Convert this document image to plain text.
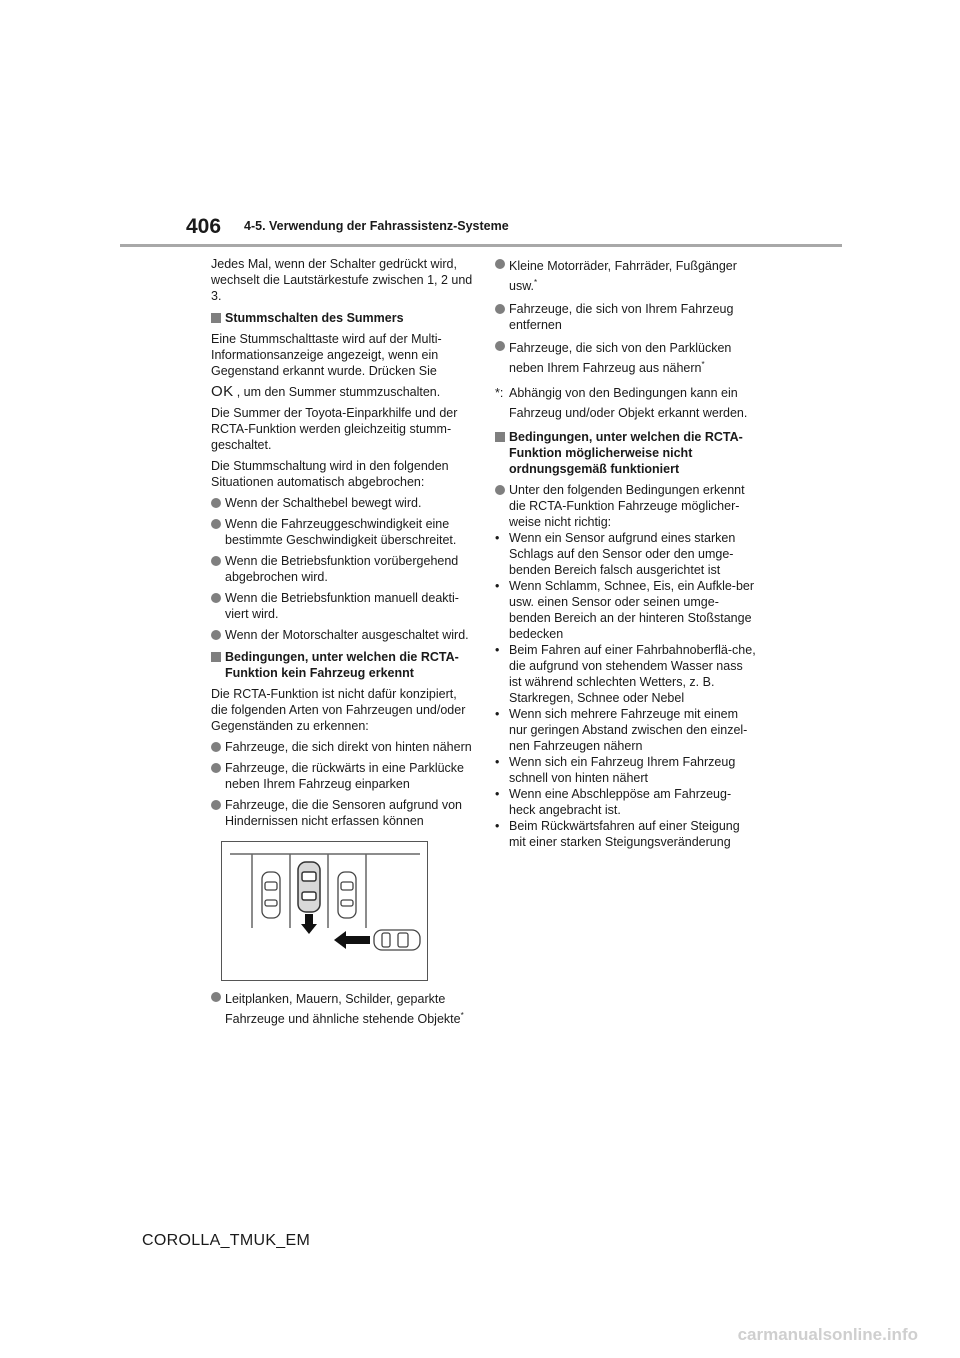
406 4-5. Verwendung der Fahrassistenz-Systeme

Jedes Mal, wenn der Schalter gedrückt wird, wechselt die Lautstärkestufe zwischen 1, 2 und 3.

Stummschalten des Summers

Eine Stummschalttaste wird auf der Multi-Informationsanzeige angezeigt, wenn ein Gegenstand erkannt wurde. Drücken Sie

OK , um den Summer stummzuschalten.

Die Summer der Toyota-Einparkhilfe und der RCTA-Funktion werden gleichzeitig stumm-geschaltet.

Die Stummschaltung wird in den folgenden Situationen automatisch abgebrochen:

Wenn der Schalthebel bewegt wird.
Wenn die Fahrzeuggeschwindigkeit eine bestimmte Geschwindigkeit überschreitet.
Wenn die Betriebsfunktion vorübergehend abgebrochen wird.
Wenn die Betriebsfunktion manuell deakti-viert wird.
Wenn der Motorschalter ausgeschaltet wird.
Bedingungen, unter welchen die RCTA-Funktion kein Fahrzeug erkennt

Die RCTA-Funktion ist nicht dafür konzipiert, die folgenden Arten von Fahrzeugen und/oder Gegenständen zu erkennen:

Fahrzeuge, die sich direkt von hinten nähern
Fahrzeuge, die rückwärts in eine Parklücke neben Ihrem Fahrzeug einparken
Fahrzeuge, die die Sensoren aufgrund von Hindernissen nicht erfassen können
Leitplanken, Mauern, Schilder, geparkte Fahrzeuge und ähnliche stehende Objekte*
Kleine Motorräder, Fahrräder, Fußgänger usw.*
Fahrzeuge, die sich von Ihrem Fahrzeug entfernen
Fahrzeuge, die sich von den Parklücken neben Ihrem Fahrzeug aus nähern*
*: Abhängig von den Bedingungen kann ein Fahrzeug und/oder Objekt erkannt werden.
Bedingungen, unter welchen die RCTA-Funktion möglicherweise nicht ordnungsgemäß funktioniert
Unter den folgenden Bedingungen erkennt die RCTA-Funktion Fahrzeuge möglicher-weise nicht richtig:
• Wenn ein Sensor aufgrund eines starken Schlags auf den Sensor oder den umge-benden Bereich falsch ausgerichtet ist
• Wenn Schlamm, Schnee, Eis, ein Aufkle-ber usw. einen Sensor oder seinen umge-benden Bereich an der hinteren Stoßstange bedecken
• Beim Fahren auf einer Fahrbahnoberflä-che, die aufgrund von stehendem Wasser nass ist während schlechten Wetters, z. B. Starkregen, Schnee oder Nebel
• Wenn sich mehrere Fahrzeuge mit einem nur geringen Abstand zwischen den einzel-nen Fahrzeugen nähern
• Wenn sich ein Fahrzeug Ihrem Fahrzeug schnell von hinten nähert
• Wenn eine Abschleppöse am Fahrzeug-heck angebracht ist.
• Beim Rückwärtsfahren auf einer Steigung mit einer starken Steigungsveränderung
COROLLA_TMUK_EM
carmanualsonline.info
